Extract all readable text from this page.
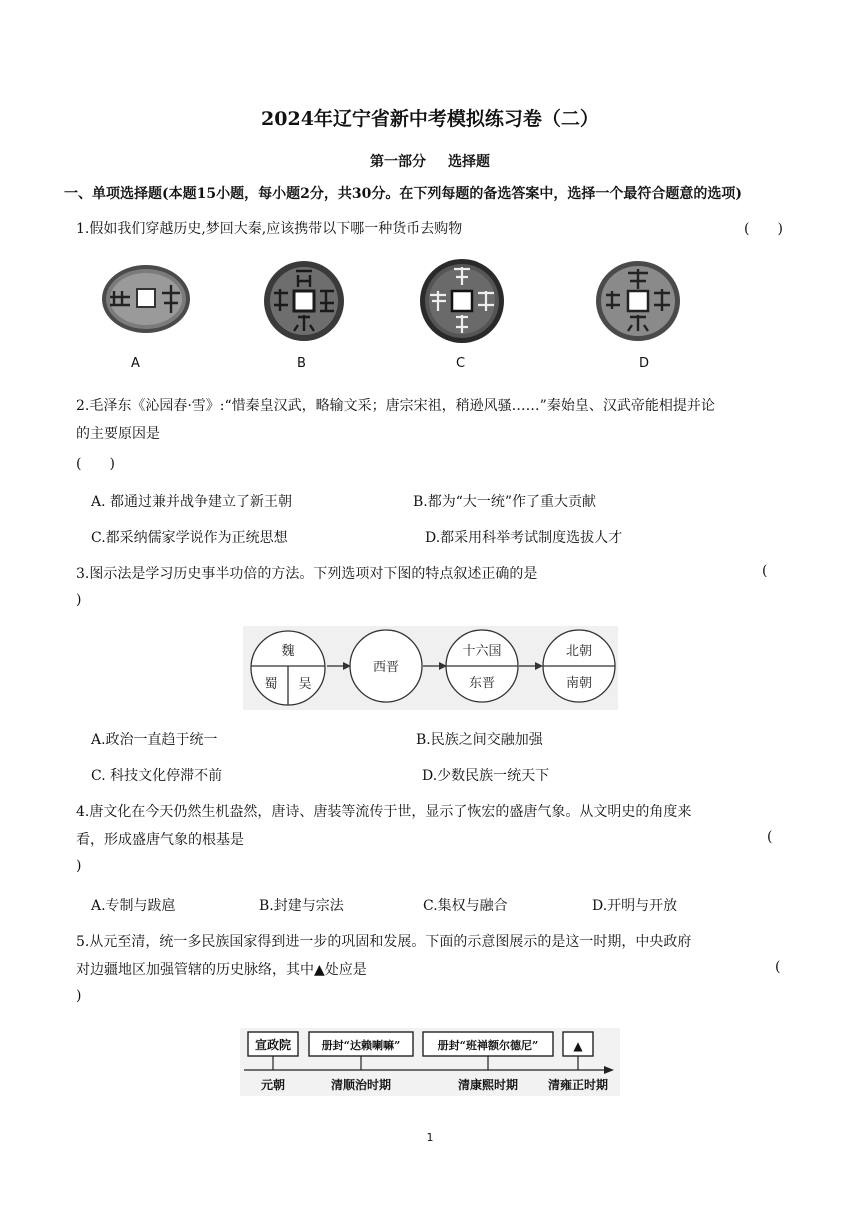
2024年辽宁省新中考模拟练习卷（二）
第一部分 选择题
一、单项选择题(本题15小题，每小题2分，共30分。在下列每题的备选答案中，选择一个最符合题意的选项)
1.假如我们穿越历史,梦回大秦,应该携带以下哪一种货币去购物	(　　)
A	B	C	D
2.毛泽东《沁园春·雪》:“惜秦皇汉武，略输文采；唐宗宋祖，稍逊风骚……”秦始皇、汉武帝能相提并论
的主要原因是
(　　)
A. 都通过兼并战争建立了新王朝	B.都为“大一统”作了重大贡献
C.都采纳儒家学说作为正统思想	D.都采用科举考试制度选拔人才
3.图示法是学习历史事半功倍的方法。下列选项对下图的特点叙述正确的是	(
)
魏
蜀 吴
西晋
十六国
东晋
北朝
南朝
A.政治一直趋于统一	B.民族之间交融加强
C. 科技文化停滞不前	D.少数民族一统天下
4.唐文化在今天仍然生机盎然，唐诗、唐装等流传于世，显示了恢宏的盛唐气象。从文明史的角度来
看，形成盛唐气象的根基是	(
)
A.专制与跋扈	B.封建与宗法	C.集权与融合	D.开明与开放
5.从元至清，统一多民族国家得到进一步的巩固和发展。下面的示意图展示的是这一时期，中央政府
对边疆地区加强管辖的历史脉络，其中▲处应是	(
)
宣政院	册封“达赖喇嘛”	册封“班禅额尔德尼”	▲
元朝	清顺治时期	清康熙时期 清雍正时期
1
